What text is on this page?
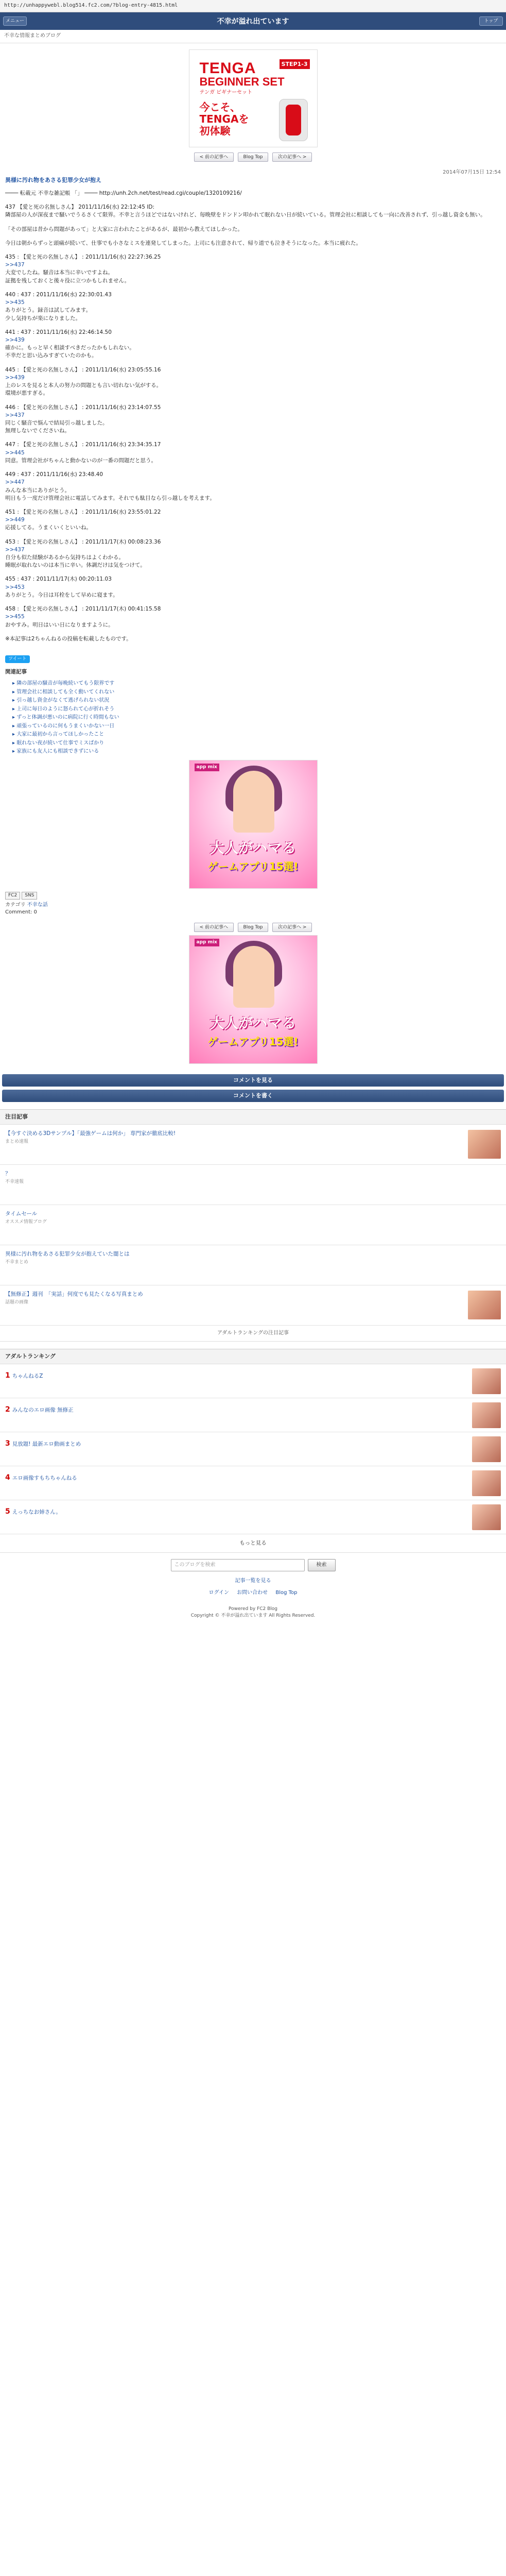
http://unhappywebl.blog514.fc2.com/?blog-entry-4815.html
メニュー	不幸が溢れ出ています	トップ
不幸な情報まとめブログ
TENGA	STEP1-3
BEGINNER SET
テンガ ビギナーセット
今こそ、
TENGAを
初体験
< 前の記事へ	Blog Top	次の記事へ >
2014年07月15日 12:54
異様に汚れ物をあさる犯罪少女が抱え

──── 転載元 不幸な雑記帳 「」 ──── http://unh.2ch.net/test/read.cgi/couple/1320109216/

437 【愛と死の名無しさん】 2011/11/16(水) 22:12:45 ID:
隣部屋の人が深夜まで騒いでうるさくて限界。不幸と言うほどではないけれど、毎晩壁をドンドン叩かれて眠れない日が続いている。管理会社に相談しても一向に改善されず、引っ越し資金も無い。

「その部屋は昔から問題があって」と大家に言われたことがあるが、最初から教えてほしかった。

今日は朝からずっと頭痛が続いて、仕事でも小さなミスを連発してしまった。上司にも注意されて、帰り道でも泣きそうになった。本当に疲れた。

435 : 【愛と死の名無しさん】 : 2011/11/16(水) 22:27:36.25
>>437
大変でしたね。騒音は本当に辛いですよね。
証拠を残しておくと後々役に立つかもしれません。
440 : 437 : 2011/11/16(水) 22:30:01.43
>>435
ありがとう。録音は試してみます。
少し気持ちが楽になりました。
441 : 437 : 2011/11/16(水) 22:46:14.50
>>439
確かに。もっと早く相談すべきだったかもしれない。
不幸だと思い込みすぎていたのかも。
445 : 【愛と死の名無しさん】 : 2011/11/16(水) 23:05:55.16
>>439
上のレスを見ると本人の努力の問題とも言い切れない気がする。
環境が悪すぎる。
446 : 【愛と死の名無しさん】 : 2011/11/16(水) 23:14:07.55
>>437
同じく騒音で悩んで結局引っ越しました。
無理しないでくださいね。
447 : 【愛と死の名無しさん】 : 2011/11/16(水) 23:34:35.17
>>445
同意。管理会社がちゃんと動かないのが一番の問題だと思う。
449 : 437 : 2011/11/16(水) 23:48.40
>>447
みんな本当にありがとう。
明日もう一度だけ管理会社に電話してみます。それでも駄目なら引っ越しを考えます。
451 : 【愛と死の名無しさん】 : 2011/11/16(水) 23:55:01.22
>>449
応援してる。うまくいくといいね。
453 : 【愛と死の名無しさん】 : 2011/11/17(木) 00:08:23.36
>>437
自分も似た経験があるから気持ちはよくわかる。
睡眠が取れないのは本当に辛い。体調だけは気をつけて。
455 : 437 : 2011/11/17(木) 00:20:11.03
>>453
ありがとう。今日は耳栓をして早めに寝ます。
458 : 【愛と死の名無しさん】 : 2011/11/17(木) 00:41:15.58
>>455
おやすみ。明日はいい日になりますように。

※本記事は2ちゃんねるの投稿を転載したものです。

ツイート
関連記事
▸ 隣の部屋の騒音が毎晩続いてもう限界です
▸ 管理会社に相談しても全く動いてくれない
▸ 引っ越し資金がなくて逃げられない状況
▸ 上司に毎日のように怒られて心が折れそう
▸ ずっと体調が悪いのに病院に行く時間もない
▸ 頑張っているのに何もうまくいかない一日
▸ 大家に最初から言ってほしかったこと
▸ 眠れない夜が続いて仕事でミスばかり
▸ 家族にも友人にも相談できずにいる
app mix
大人がハマる
ゲームアプリ15選!
FC2 SNS
カテゴリ 不幸な話
Comment: 0
< 前の記事へ	Blog Top	次の記事へ >
app mix
大人がハマる
ゲームアプリ15選!
コメントを見る
コメントを書く
注目記事
【今すぐ決める3Dサンプル】「最強ゲームは何か」 専門家が徹底比較!
まとめ速報
？
不幸速報
タイムセール
オススメ情報ブログ
異様に汚れ物をあさる犯罪少女が抱えていた闇とは
不幸まとめ
【無修正】週刊　「実話」何度でも見たくなる写真まとめ
話題の画像
アダルトランキングの注目記事
アダルトランキング
1 ちゃんねるZ
2 みんなのエロ画像 無修正
3 見放題! 最新エロ動画まとめ
4 エロ画像すもちちゃんねる
5 えっちなお姉さん。
もっと見る
このブログを検索	検索
記事一覧を見る
ログイン お問い合わせ Blog Top
Powered by FC2 Blog
Copyright © 不幸が溢れ出ています All Rights Reserved.
